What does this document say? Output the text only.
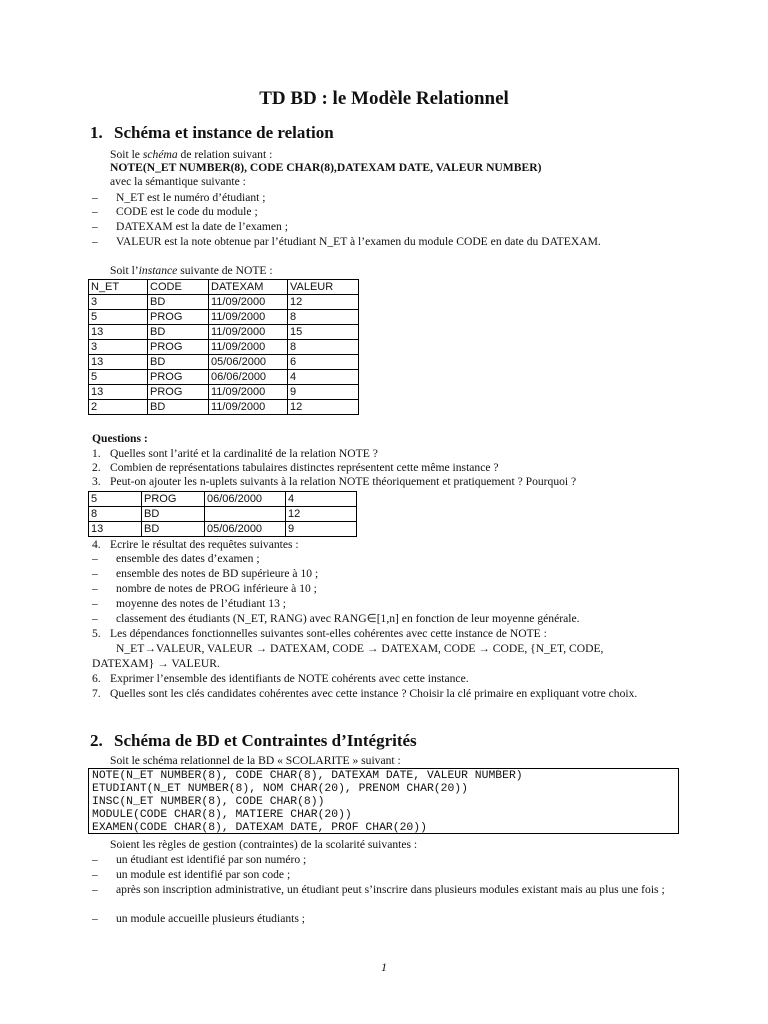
TD BD : le Modèle Relationnel
1. Schéma et instance de relation
Soit le schéma de relation suivant :
NOTE(N_ET NUMBER(8), CODE CHAR(8),DATEXAM DATE, VALEUR NUMBER)
avec la sémantique suivante :
– N_ET est le numéro d’étudiant ;
– CODE est le code du module ;
– DATEXAM est la date de l’examen ;
– VALEUR est la note obtenue par l’étudiant N_ET à l’examen du module CODE en date du DATEXAM.
Soit l’instance suivante de NOTE :
N_ET	CODE	DATEXAM	VALEUR
3	BD	11/09/2000	12
5	PROG	11/09/2000	8
13	BD	11/09/2000	15
3	PROG	11/09/2000	8
13	BD	05/06/2000	6
5	PROG	06/06/2000	4
13	PROG	11/09/2000	9
2	BD	11/09/2000	12
Questions :
1. Quelles sont l’arité et la cardinalité de la relation NOTE ?
2. Combien de représentations tabulaires distinctes représentent cette même instance ?
3. Peut-on ajouter les n-uplets suivants à la relation NOTE théoriquement et pratiquement ? Pourquoi ?
5	PROG	06/06/2000	4
8	BD		12
13	BD	05/06/2000	9
4. Ecrire le résultat des requêtes suivantes :
– ensemble des dates d’examen ;
– ensemble des notes de BD supérieure à 10 ;
– nombre de notes de PROG inférieure à 10 ;
– moyenne des notes de l’étudiant 13 ;
– classement des étudiants (N_ET, RANG) avec RANG∈[1,n] en fonction de leur moyenne générale.
5. Les dépendances fonctionnelles suivantes sont-elles cohérentes avec cette instance de NOTE :
N_ET→VALEUR, VALEUR → DATEXAM, CODE → DATEXAM, CODE → CODE, {N_ET, CODE,
DATEXAM} → VALEUR.
6. Exprimer l’ensemble des identifiants de NOTE cohérents avec cette instance.
7. Quelles sont les clés candidates cohérentes avec cette instance ? Choisir la clé primaire en expliquant votre choix.
2. Schéma de BD et Contraintes d’Intégrités
Soit le schéma relationnel de la BD « SCOLARITE » suivant :
NOTE(N_ET NUMBER(8), CODE CHAR(8), DATEXAM DATE, VALEUR NUMBER)
ETUDIANT(N_ET NUMBER(8), NOM CHAR(20), PRENOM CHAR(20))
INSC(N_ET NUMBER(8), CODE CHAR(8))
MODULE(CODE CHAR(8), MATIERE CHAR(20))
EXAMEN(CODE CHAR(8), DATEXAM DATE, PROF CHAR(20))
Soient les règles de gestion (contraintes) de la scolarité suivantes :
– un étudiant est identifié par son numéro ;
– un module est identifié par son code ;
– après son inscription administrative, un étudiant peut s’inscrire dans plusieurs modules existant mais au plus une fois ;
– un module accueille plusieurs étudiants ;
1
